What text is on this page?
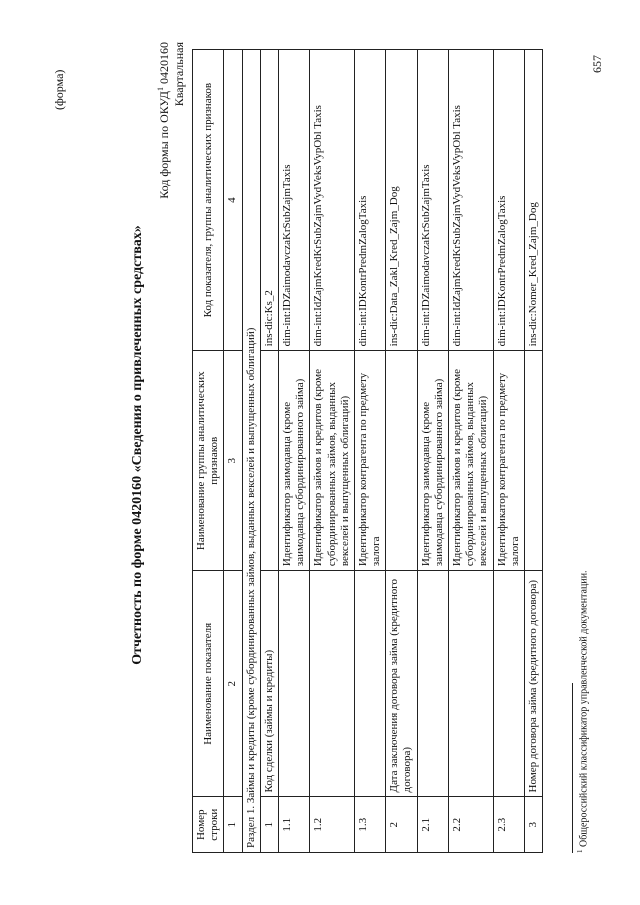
(форма)
Отчетность по форме 0420160 «Сведения о привлеченных средствах»
Код формы по ОКУД$^1$ 0420160 Квартальная
Номер строки	Наименование показателя	Наименование группы аналитических признаков	Код показателя, группы аналитических признаков
1	2	3	4
Раздел 1. Займы и кредиты (кроме субординированных займов, выданных векселей и выпущенных облигаций)			
1	Код сделки (займы и кредиты)		ins-dic:Ks_2
1.1		Идентификатор заимодавца (кроме заимодавца субординированного займа)	dim-int:IDZaimodavczaKrSubZajmTaxis
1.2		Идентификатор займов и кредитов (кроме субординированных займов, выданных векселей и выпущенных облигаций)	dim-int:IdZajmKredKrSubZajmVydVeksVypObl Taxis
1.3		Идентификатор контрагента по предмету залога	dim-int:IDKontrPredmZalogTaxis
2	Дата заключения договора займа (кредитного договора)		ins-dic:Data_Zakl_Kred_Zajm_Dog
2.1		Идентификатор заимодавца (кроме заимодавца субординированного займа)	dim-int:IDZaimodavczaKrSubZajmTaxis
2.2		Идентификатор займов и кредитов (кроме субординированных займов, выданных векселей и выпущенных облигаций)	dim-int:IdZajmKredKrSubZajmVydVeksVypObl Taxis
2.3		Идентификатор контрагента по предмету залога	dim-int:IDKontrPredmZalogTaxis
3	Номер договора займа (кредитного договора)		ins-dic:Nomer_Kred_Zajm_Dog
$^1$ Общероссийский классификатор управленческой документации.
657
